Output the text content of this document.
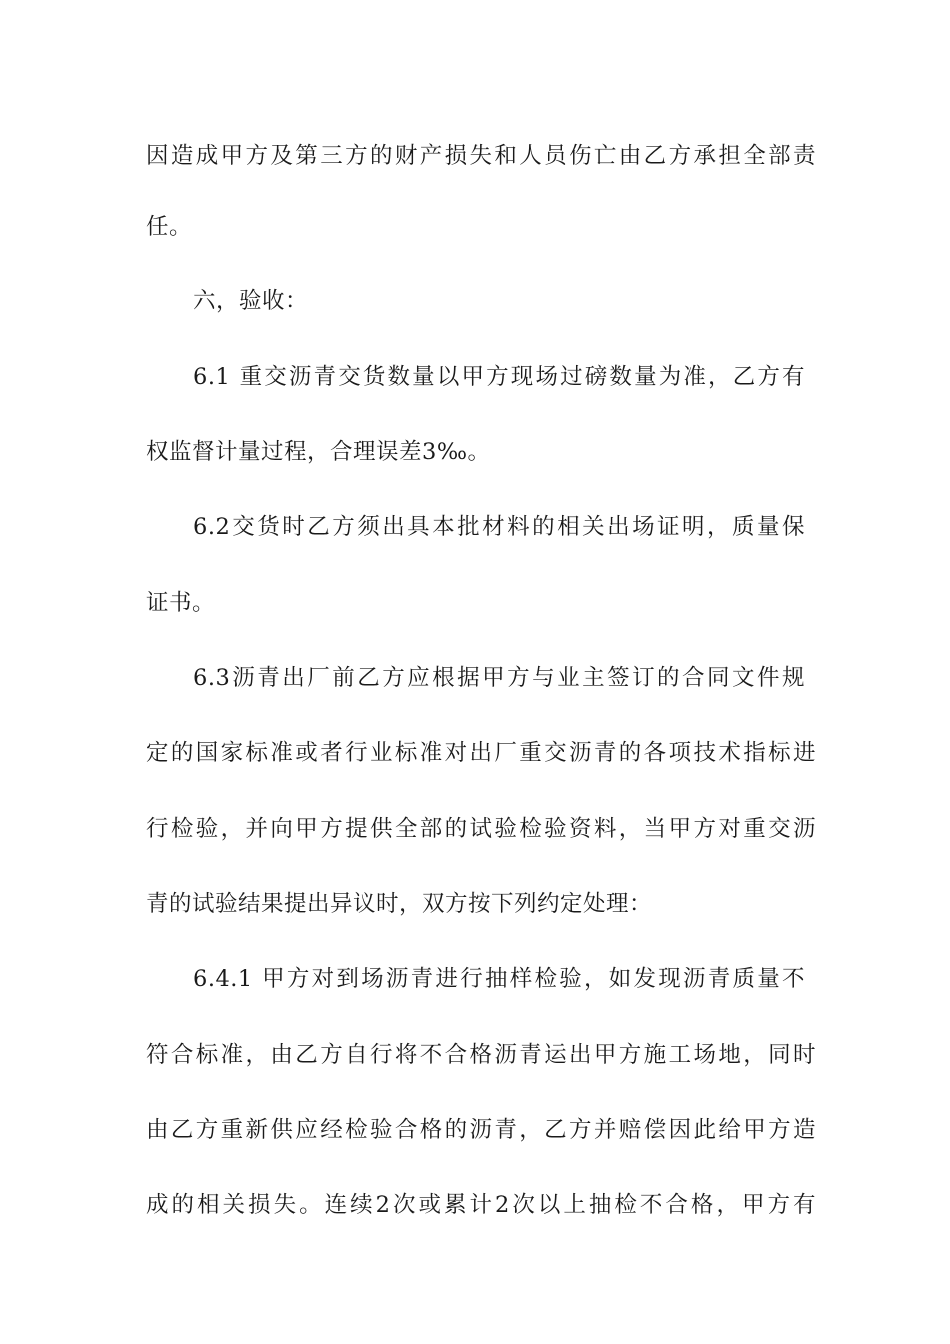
因造成甲方及第三方的财产损失和人员伤亡由乙方承担全部责

任。

六，验收：

6.1 重交沥青交货数量以甲方现场过磅数量为准，乙方有

权监督计量过程，合理误差3‰。

6.2交货时乙方须出具本批材料的相关出场证明，质量保

证书。

6.3沥青出厂前乙方应根据甲方与业主签订的合同文件规

定的国家标准或者行业标准对出厂重交沥青的各项技术指标进

行检验，并向甲方提供全部的试验检验资料，当甲方对重交沥

青的试验结果提出异议时，双方按下列约定处理：

6.4.1 甲方对到场沥青进行抽样检验，如发现沥青质量不

符合标准，由乙方自行将不合格沥青运出甲方施工场地，同时

由乙方重新供应经检验合格的沥青，乙方并赔偿因此给甲方造

成的相关损失。连续2次或累计2次以上抽检不合格，甲方有
